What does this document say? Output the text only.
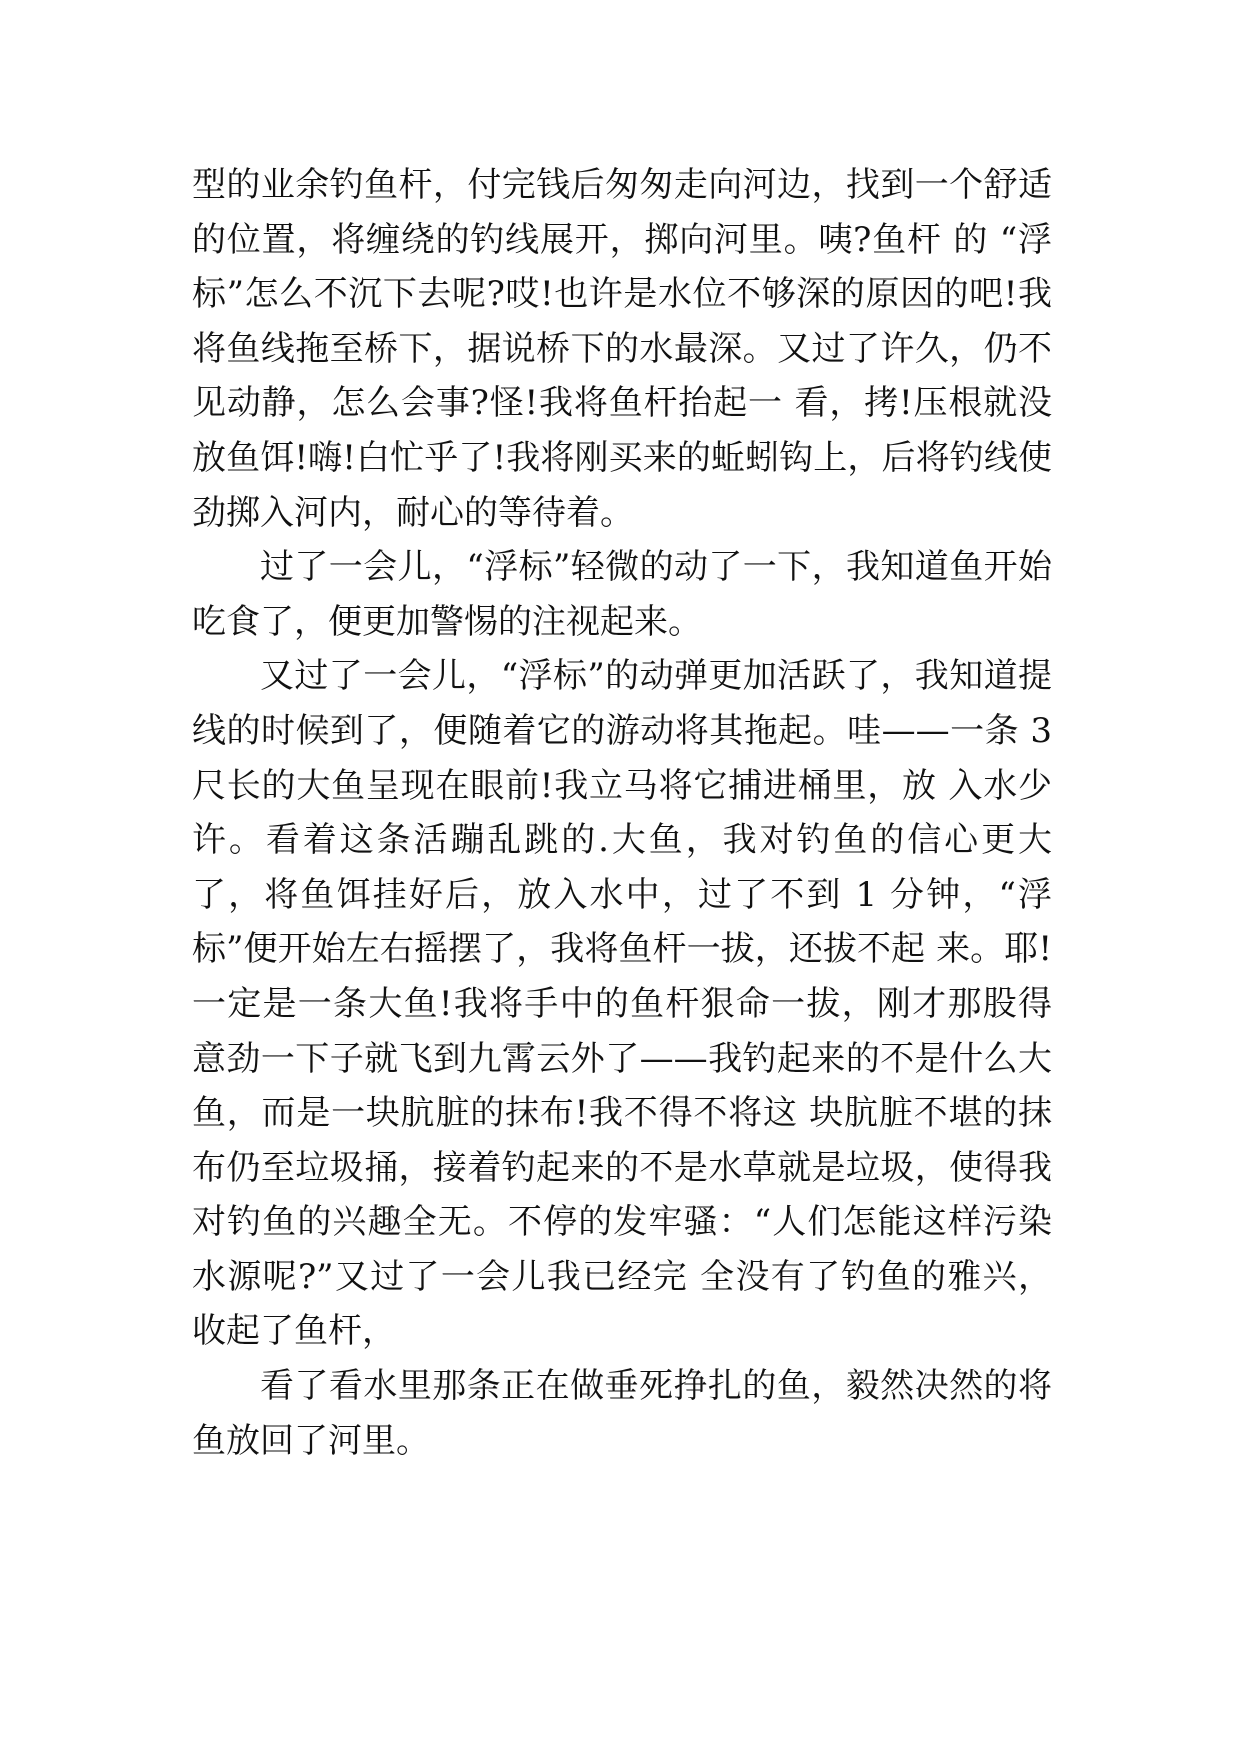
型的业余钓鱼杆，付完钱后匆匆走向河边，找到一个舒适的位置，将缠绕的钓线展开，掷向河里。咦?鱼杆 的 “浮标”怎么不沉下去呢?哎!也许是水位不够深的原因的吧!我将鱼线拖至桥下，据说桥下的水最深。又过了许久，仍不见动静，怎么会事?怪!我将鱼杆抬起一 看，拷!压根就没放鱼饵!嗨!白忙乎了!我将刚买来的蚯蚓钩上，后将钓线使劲掷入河内，耐心的等待着。

过了一会儿，“浮标”轻微的动了一下，我知道鱼开始吃食了，便更加警惕的注视起来。

又过了一会儿，“浮标”的动弹更加活跃了，我知道提线的时候到了，便随着它的游动将其拖起。哇——一条 3 尺长的大鱼呈现在眼前!我立马将它捕进桶里，放 入水少许。看着这条活蹦乱跳的.大鱼，我对钓鱼的信心更大了，将鱼饵挂好后，放入水中，过了不到 1 分钟，“浮标”便开始左右摇摆了，我将鱼杆一拔，还拔不起 来。耶!一定是一条大鱼!我将手中的鱼杆狠命一拔，刚才那股得意劲一下子就飞到九霄云外了——我钓起来的不是什么大鱼，而是一块肮脏的抹布!我不得不将这 块肮脏不堪的抹布仍至垃圾捅，接着钓起来的不是水草就是垃圾，使得我对钓鱼的兴趣全无。不停的发牢骚：“人们怎能这样污染水源呢?”又过了一会儿我已经完 全没有了钓鱼的雅兴，收起了鱼杆，

看了看水里那条正在做垂死挣扎的鱼，毅然决然的将鱼放回了河里。
